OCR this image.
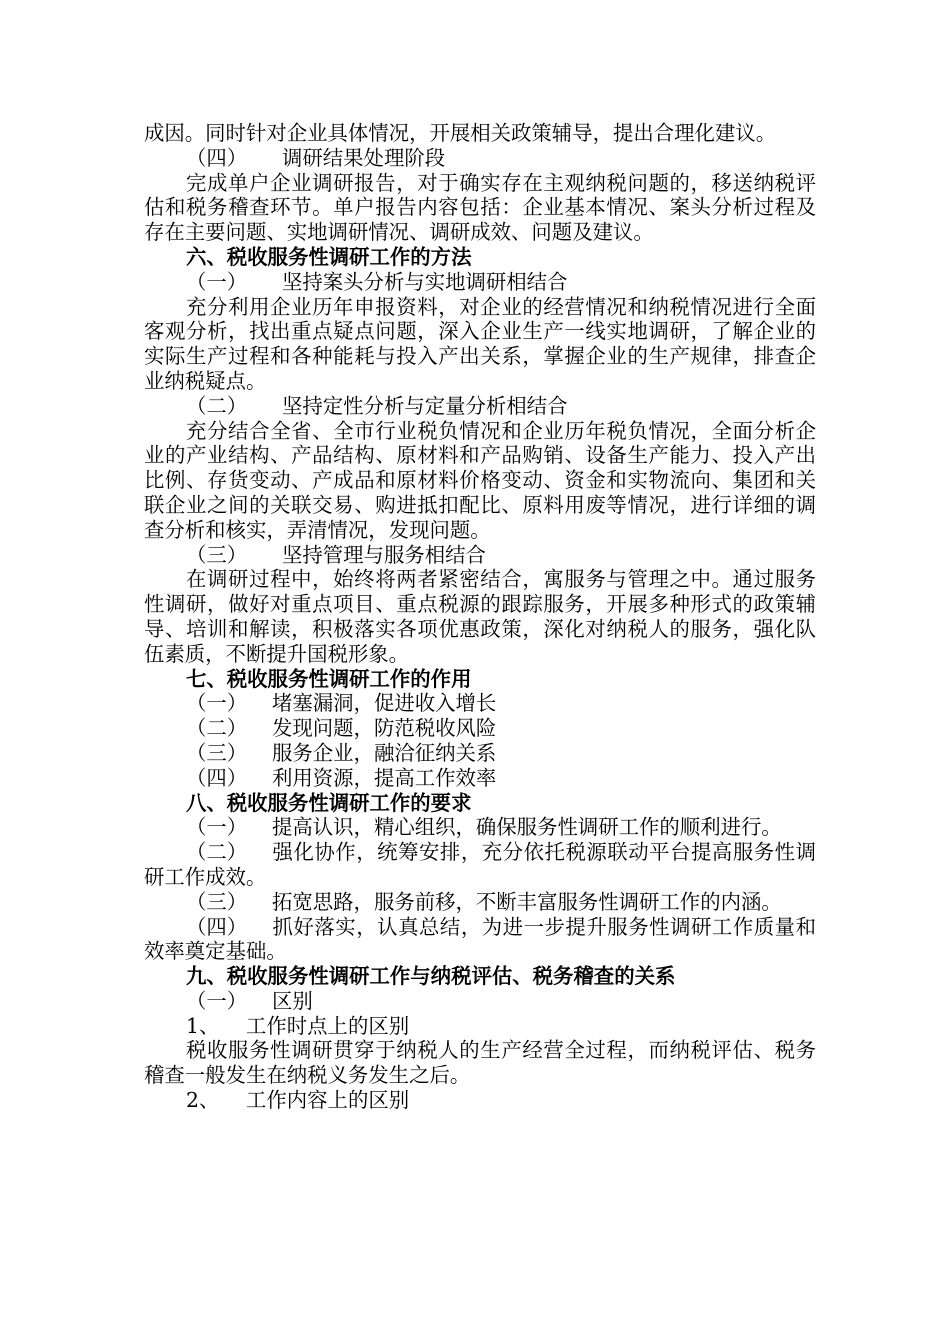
成因。同时针对企业具体情况，开展相关政策辅导，提出合理化建议。

（四） 调研结果处理阶段

完成单户企业调研报告，对于确实存在主观纳税问题的，移送纳税评估和税务稽查环节。单户报告内容包括：企业基本情况、案头分析过程及存在主要问题、实地调研情况、调研成效、问题及建议。

六、税收服务性调研工作的方法

（一） 坚持案头分析与实地调研相结合

充分利用企业历年申报资料，对企业的经营情况和纳税情况进行全面客观分析，找出重点疑点问题，深入企业生产一线实地调研，了解企业的实际生产过程和各种能耗与投入产出关系，掌握企业的生产规律，排查企业纳税疑点。

（二） 坚持定性分析与定量分析相结合

充分结合全省、全市行业税负情况和企业历年税负情况，全面分析企业的产业结构、产品结构、原材料和产品购销、设备生产能力、投入产出比例、存货变动、产成品和原材料价格变动、资金和实物流向、集团和关联企业之间的关联交易、购进抵扣配比、原料用废等情况，进行详细的调查分析和核实，弄清情况，发现问题。

（三） 坚持管理与服务相结合

在调研过程中，始终将两者紧密结合，寓服务与管理之中。通过服务性调研，做好对重点项目、重点税源的跟踪服务，开展多种形式的政策辅导、培训和解读，积极落实各项优惠政策，深化对纳税人的服务，强化队伍素质，不断提升国税形象。

七、税收服务性调研工作的作用

（一） 堵塞漏洞，促进收入增长

（二） 发现问题，防范税收风险

（三） 服务企业，融洽征纳关系

（四） 利用资源，提高工作效率

八、税收服务性调研工作的要求

（一） 提高认识，精心组织，确保服务性调研工作的顺利进行。

（二） 强化协作，统筹安排，充分依托税源联动平台提高服务性调研工作成效。

（三） 拓宽思路，服务前移，不断丰富服务性调研工作的内涵。

（四） 抓好落实，认真总结，为进一步提升服务性调研工作质量和效率奠定基础。

九、税收服务性调研工作与纳税评估、税务稽查的关系

（一） 区别

1、 工作时点上的区别

税收服务性调研贯穿于纳税人的生产经营全过程，而纳税评估、税务稽查一般发生在纳税义务发生之后。

2、 工作内容上的区别
